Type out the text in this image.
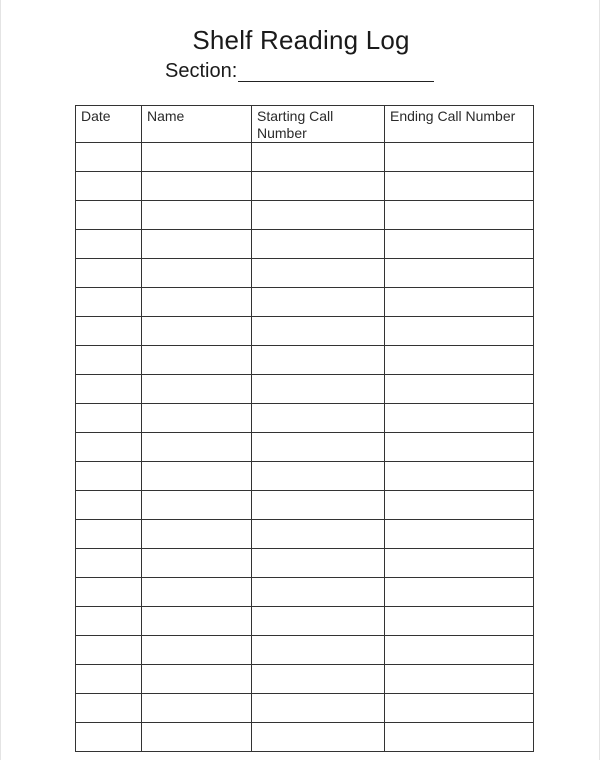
Shelf Reading Log
Section:
Date	Name	Starting Call Number	Ending Call Number
